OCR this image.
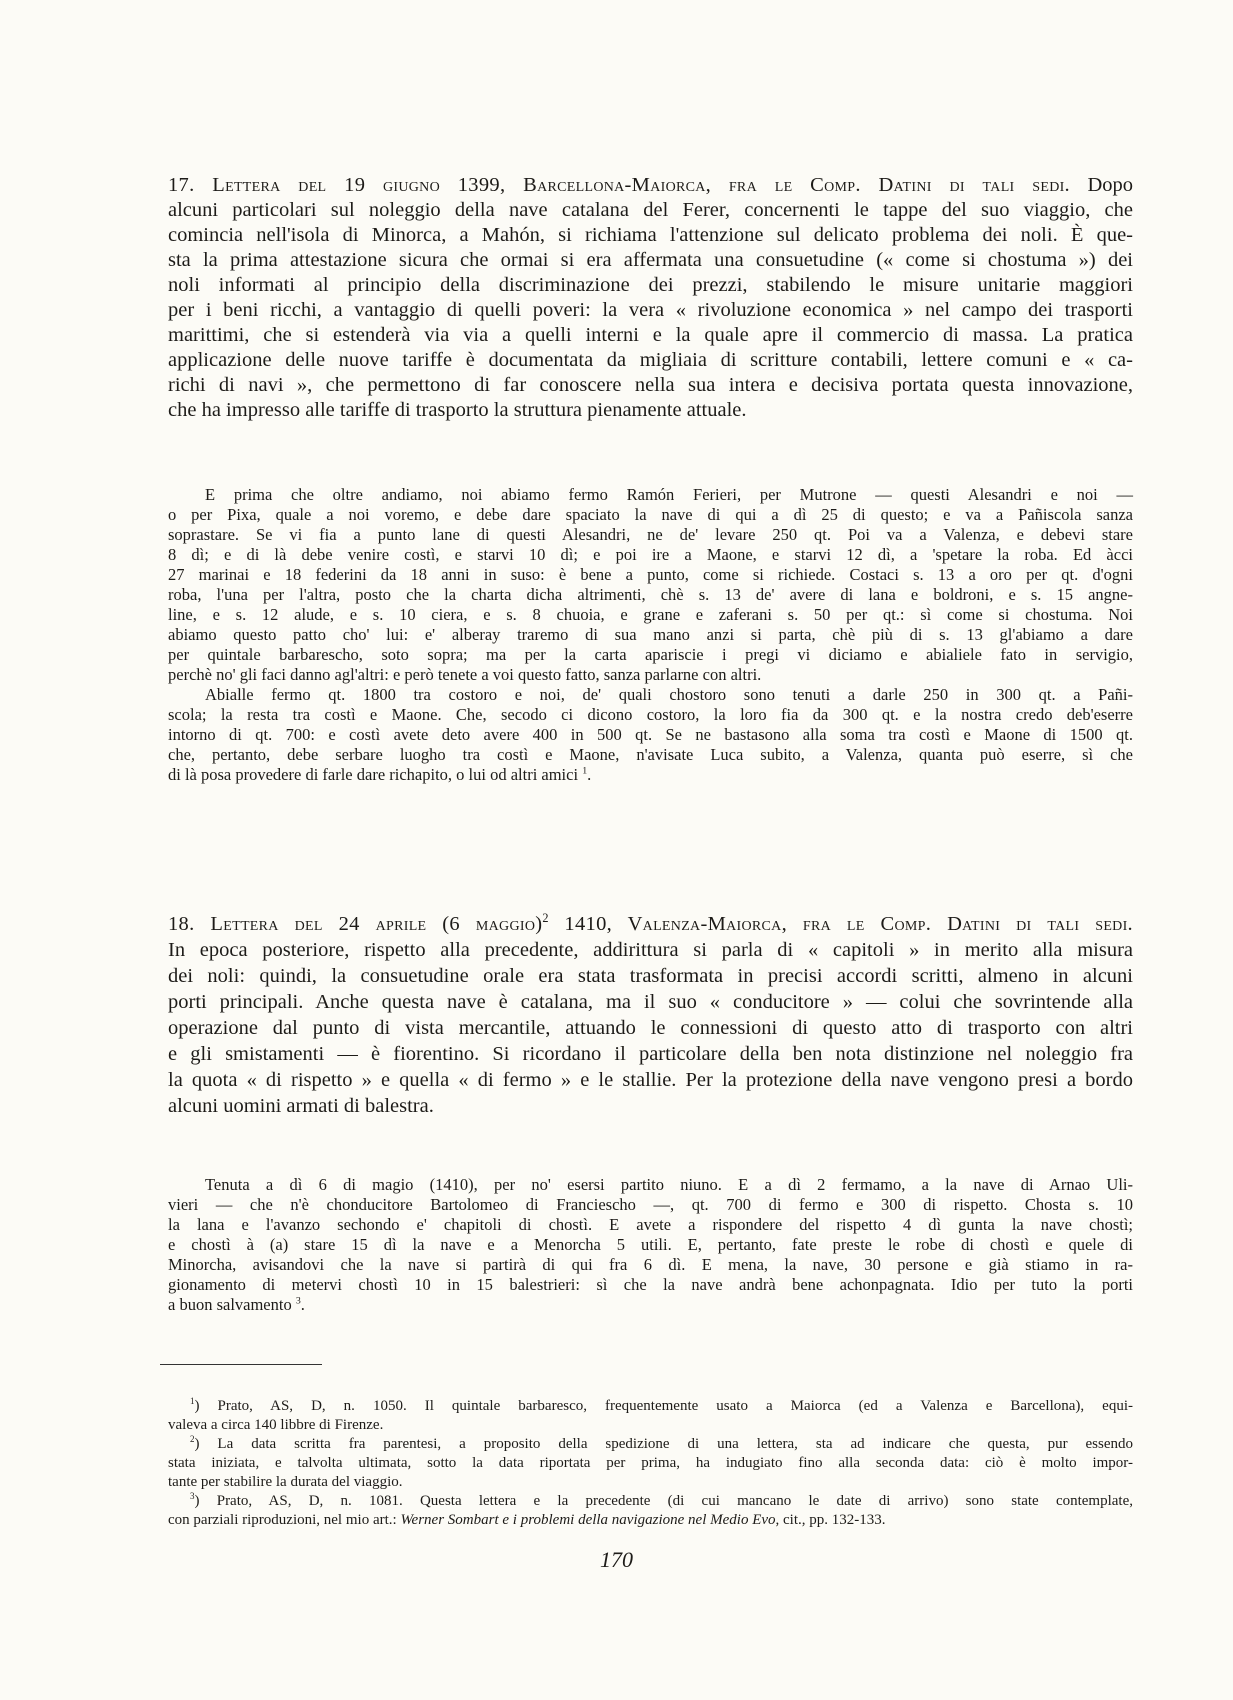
17. Lettera del 19 giugno 1399, Barcellona-Maiorca, fra le Comp. Datini di tali sedi. Dopo
alcuni particolari sul noleggio della nave catalana del Ferer, concernenti le tappe del suo viaggio, che
comincia nell'isola di Minorca, a Mahón, si richiama l'attenzione sul delicato problema dei noli. È que-
sta la prima attestazione sicura che ormai si era affermata una consuetudine (« come si chostuma ») dei
noli informati al principio della discriminazione dei prezzi, stabilendo le misure unitarie maggiori
per i beni ricchi, a vantaggio di quelli poveri: la vera « rivoluzione economica » nel campo dei trasporti
marittimi, che si estenderà via via a quelli interni e la quale apre il commercio di massa. La pratica
applicazione delle nuove tariffe è documentata da migliaia di scritture contabili, lettere comuni e « ca-
richi di navi », che permettono di far conoscere nella sua intera e decisiva portata questa innovazione,
che ha impresso alle tariffe di trasporto la struttura pienamente attuale.
E prima che oltre andiamo, noi abiamo fermo Ramón Ferieri, per Mutrone — questi Alesandri e noi —
o per Pixa, quale a noi voremo, e debe dare spaciato la nave di qui a dì 25 di questo; e va a Pañiscola sanza
soprastare. Se vi fia a punto lane di questi Alesandri, ne de' levare 250 qt. Poi va a Valenza, e debevi stare
8 dì; e di là debe venire costì, e starvi 10 dì; e poi ire a Maone, e starvi 12 dì, a 'spetare la roba. Ed àcci
27 marinai e 18 federini da 18 anni in suso: è bene a punto, come si richiede. Costaci s. 13 a oro per qt. d'ogni
roba, l'una per l'altra, posto che la charta dicha altrimenti, chè s. 13 de' avere di lana e boldroni, e s. 15 angne-
line, e s. 12 alude, e s. 10 ciera, e s. 8 chuoia, e grane e zaferani s. 50 per qt.: sì come si chostuma. Noi
abiamo questo patto cho' lui: e' alberay traremo di sua mano anzi si parta, chè più di s. 13 gl'abiamo a dare
per quintale barbarescho, soto sopra; ma per la carta apariscie i pregi vi diciamo e abialiele fato in servigio,
perchè no' gli faci danno agl'altri: e però tenete a voi questo fatto, sanza parlarne con altri.
Abialle fermo qt. 1800 tra costoro e noi, de' quali chostoro sono tenuti a darle 250 in 300 qt. a Pañi-
scola; la resta tra costì e Maone. Che, secodo ci dicono costoro, la loro fia da 300 qt. e la nostra credo deb'eserre
intorno di qt. 700: e costì avete deto avere 400 in 500 qt. Se ne bastasono alla soma tra costì e Maone di 1500 qt.
che, pertanto, debe serbare luogho tra costì e Maone, n'avisate Luca subito, a Valenza, quanta può eserre, sì che
di là posa provedere di farle dare richapito, o lui od altri amici $^1$.
18. Lettera del 24 aprile (6 maggio)$^2$ 1410, Valenza-Maiorca, fra le Comp. Datini di tali sedi.
In epoca posteriore, rispetto alla precedente, addirittura si parla di « capitoli » in merito alla misura
dei noli: quindi, la consuetudine orale era stata trasformata in precisi accordi scritti, almeno in alcuni
porti principali. Anche questa nave è catalana, ma il suo « conducitore » — colui che sovrintende alla
operazione dal punto di vista mercantile, attuando le connessioni di questo atto di trasporto con altri
e gli smistamenti — è fiorentino. Si ricordano il particolare della ben nota distinzione nel noleggio fra
la quota « di rispetto » e quella « di fermo » e le stallie. Per la protezione della nave vengono presi a bordo
alcuni uomini armati di balestra.
Tenuta a dì 6 di magio (1410), per no' esersi partito niuno. E a dì 2 fermamo, a la nave di Arnao Uli-
vieri — che n'è chonducitore Bartolomeo di Franciescho —, qt. 700 di fermo e 300 di rispetto. Chosta s. 10
la lana e l'avanzo sechondo e' chapitoli di chostì. E avete a rispondere del rispetto 4 dì gunta la nave chostì;
e chostì à (a) stare 15 dì la nave e a Menorcha 5 utili. E, pertanto, fate preste le robe di chostì e quele di
Minorcha, avisandovi che la nave si partirà di qui fra 6 dì. E mena, la nave, 30 persone e già stiamo in ra-
gionamento di metervi chostì 10 in 15 balestrieri: sì che la nave andrà bene achonpagnata. Idio per tuto la porti
a buon salvamento $^3$.
$^1$) Prato, AS, D, n. 1050. Il quintale barbaresco, frequentemente usato a Maiorca (ed a Valenza e Barcellona), equi-
valeva a circa 140 libbre di Firenze.
$^2$) La data scritta fra parentesi, a proposito della spedizione di una lettera, sta ad indicare che questa, pur essendo
stata iniziata, e talvolta ultimata, sotto la data riportata per prima, ha indugiato fino alla seconda data: ciò è molto impor-
tante per stabilire la durata del viaggio.
$^3$) Prato, AS, D, n. 1081. Questa lettera e la precedente (di cui mancano le date di arrivo) sono state contemplate,
con parziali riproduzioni, nel mio art.: Werner Sombart e i problemi della navigazione nel Medio Evo, cit., pp. 132-133.
170
